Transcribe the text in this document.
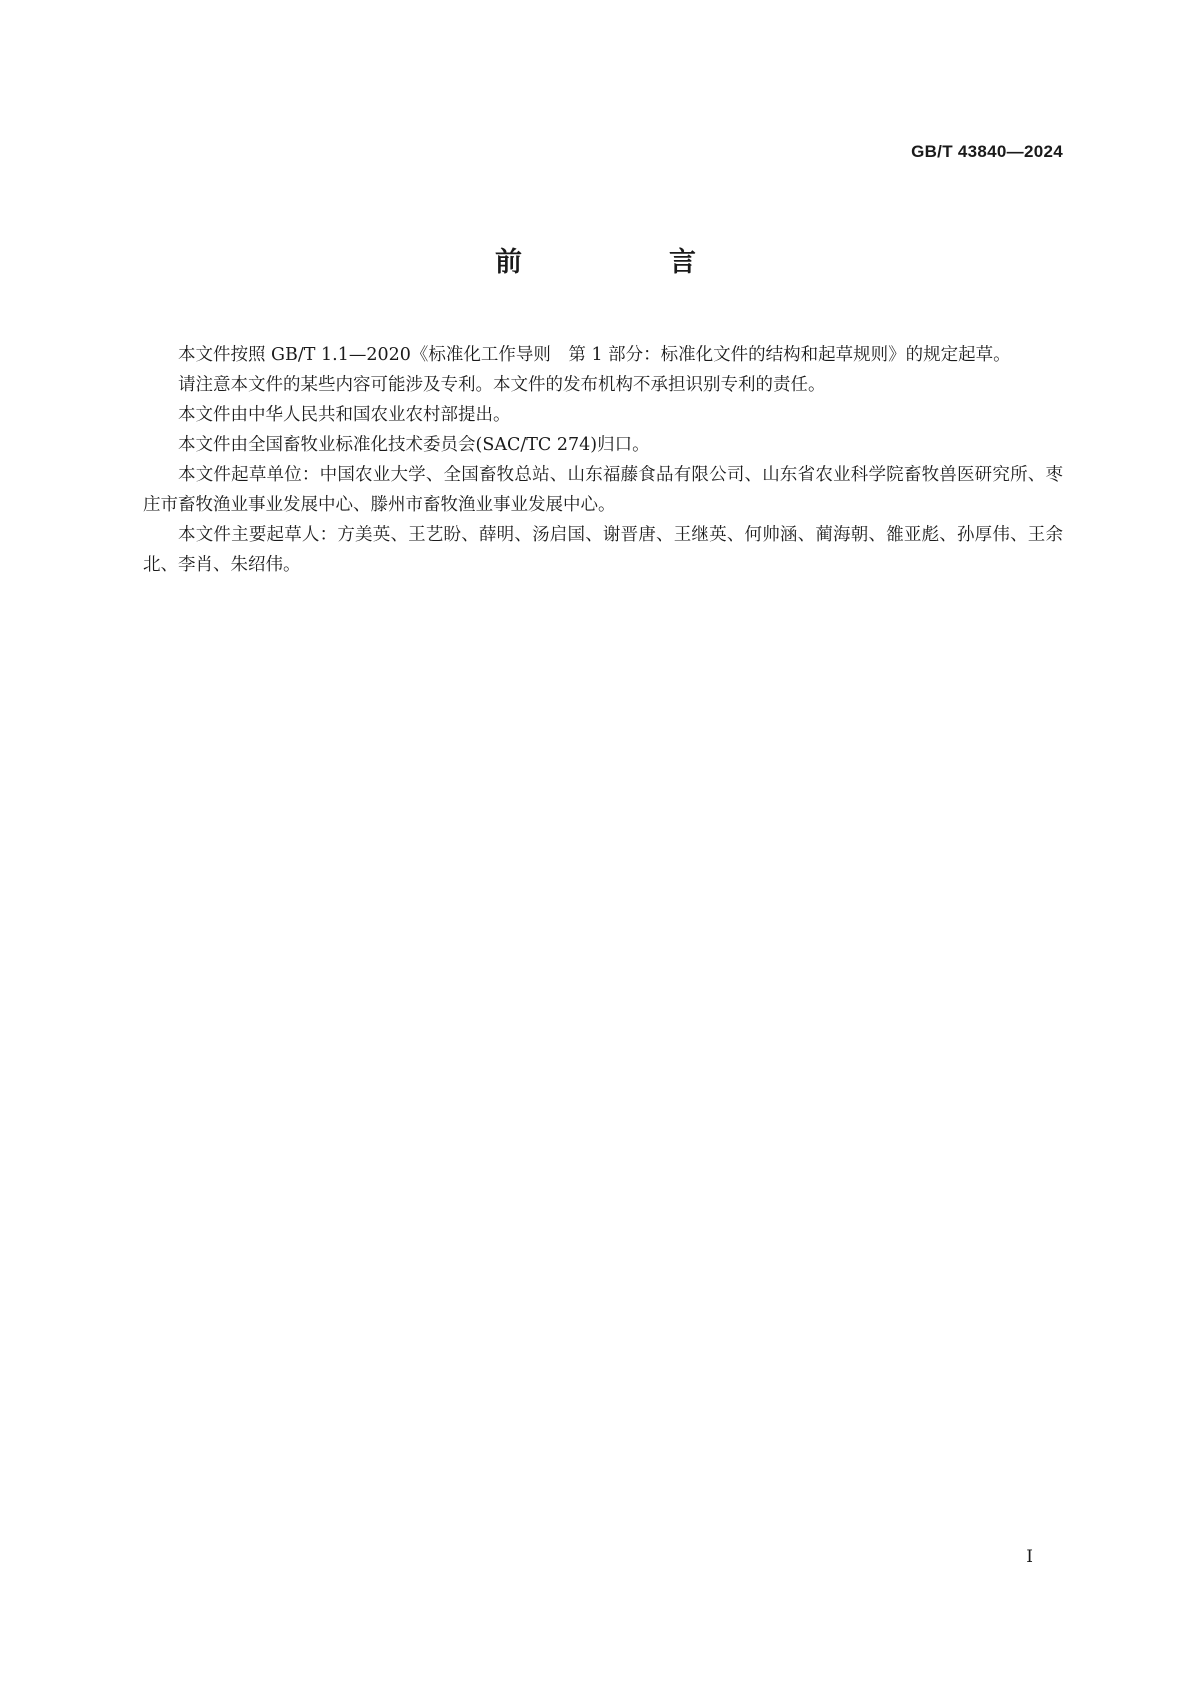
GB/T 43840—2024
前　言

本文件按照 GB/T 1.1—2020《标准化工作导则　第 1 部分：标准化文件的结构和起草规则》的规定起草。

请注意本文件的某些内容可能涉及专利。本文件的发布机构不承担识别专利的责任。

本文件由中华人民共和国农业农村部提出。

本文件由全国畜牧业标准化技术委员会(SAC/TC 274)归口。

本文件起草单位：中国农业大学、全国畜牧总站、山东福藤食品有限公司、山东省农业科学院畜牧兽医研究所、枣庄市畜牧渔业事业发展中心、滕州市畜牧渔业事业发展中心。

本文件主要起草人：方美英、王艺盼、薛明、汤启国、谢晋唐、王继英、何帅涵、蔺海朝、雒亚彪、孙厚伟、王余北、李肖、朱绍伟。

I
